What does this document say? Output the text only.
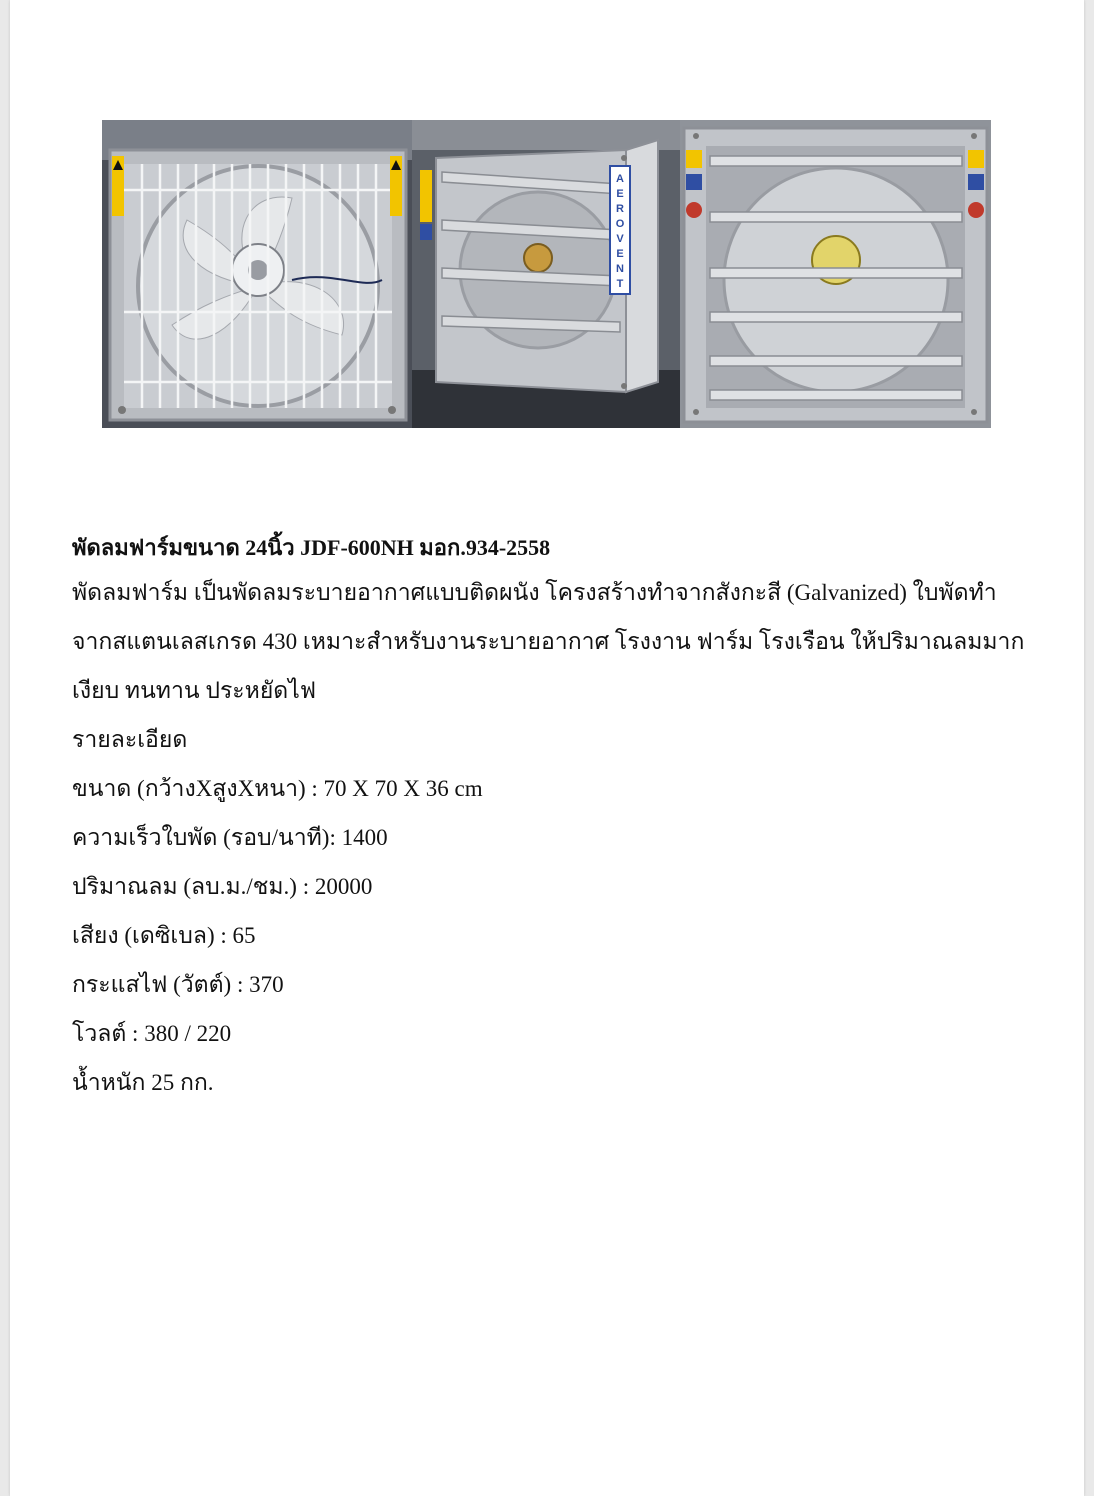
A
E
R
O
V
E
N
T

พัดลมฟาร์มขนาด 24นิ้ว JDF-600NH มอก.934-2558

พัดลมฟาร์ม เป็นพัดลมระบายอากาศแบบติดผนัง โครงสร้างทำจากสังกะสี (Galvanized) ใบพัดทำ

จากสแตนเลสเกรด 430 เหมาะสำหรับงานระบายอากาศ โรงงาน ฟาร์ม โรงเรือน ให้ปริมาณลมมาก

เงียบ ทนทาน ประหยัดไฟ

รายละเอียด

ขนาด (กว้างXสูงXหนา) : 70 X 70 X 36 cm

ความเร็วใบพัด (รอบ/นาที): 1400

ปริมาณลม (ลบ.ม./ชม.) : 20000

เสียง (เดซิเบล) : 65

กระแสไฟ (วัตต์) : 370

โวลต์ : 380 / 220

น้ำหนัก 25 กก.
